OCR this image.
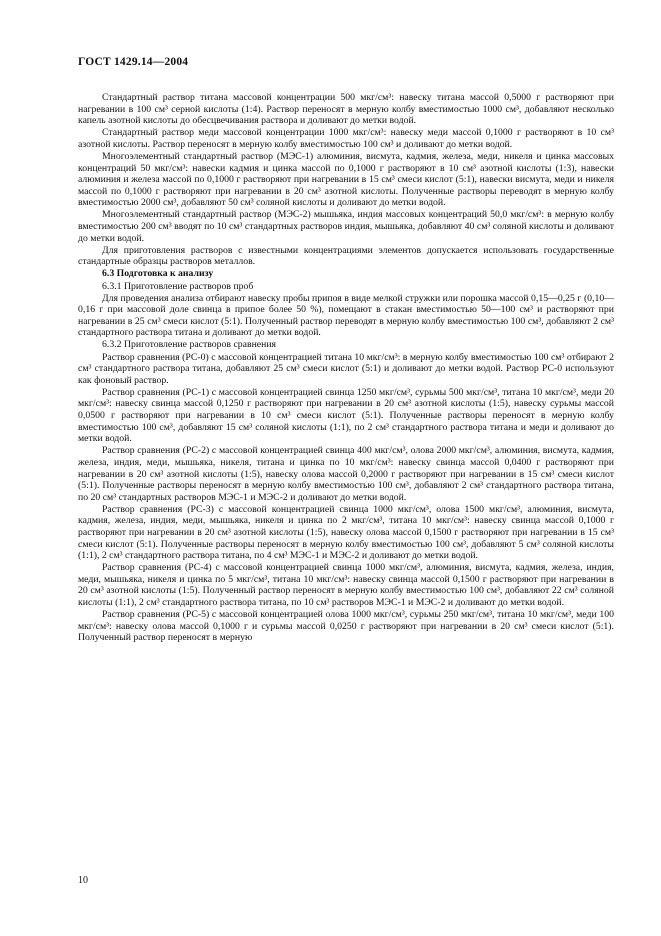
ГОСТ 1429.14—2004

Стандартный раствор титана массовой концентрации 500 мкг/см³: навеску титана массой 0,5000 г растворяют при нагревании в 100 см³ серной кислоты (1:4). Раствор переносят в мерную колбу вместимостью 1000 см³, добавляют несколько капель азотной кислоты до обесцвечивания раствора и доливают до метки водой.

Стандартный раствор меди массовой концентрации 1000 мкг/см³: навеску меди массой 0,1000 г растворяют в 10 см³ азотной кислоты. Раствор переносят в мерную колбу вместимостью 100 см³ и доливают до метки водой.

Многоэлементный стандартный раствор (МЭС-1) алюминия, висмута, кадмия, железа, меди, никеля и цинка массовых концентраций 50 мкг/см³: навески кадмия и цинка массой по 0,1000 г растворяют в 10 см³ азотной кислоты (1:3), навески алюминия и железа массой по 0,1000 г растворяют при нагревании в 15 см³ смеси кислот (5:1), навески висмута, меди и никеля массой по 0,1000 г растворяют при нагревании в 20 см³ азотной кислоты. Полученные растворы переводят в мерную колбу вместимостью 2000 см³, добавляют 50 см³ соляной кислоты и доливают до метки водой.

Многоэлементный стандартный раствор (МЭС-2) мышьяка, индия массовых концентраций 50,0 мкг/см³: в мерную колбу вместимостью 200 см³ вводят по 10 см³ стандартных растворов индия, мышьяка, добавляют 40 см³ соляной кислоты и доливают до метки водой.

Для приготовления растворов с известными концентрациями элементов допускается использовать государственные стандартные образцы растворов металлов.

6.3 Подготовка к анализу

6.3.1 Приготовление растворов проб

Для проведения анализа отбирают навеску пробы припоя в виде мелкой стружки или порошка массой 0,15—0,25 г (0,10—0,16 г при массовой доле свинца в припое более 50 %), помещают в стакан вместимостью 50—100 см³ и растворяют при нагревании в 25 см³ смеси кислот (5:1). Полученный раствор переводят в мерную колбу вместимостью 100 см³, добавляют 2 см³ стандартного раствора титана и доливают до метки водой.

6.3.2 Приготовление растворов сравнения

Раствор сравнения (РС-0) с массовой концентрацией титана 10 мкг/см³: в мерную колбу вместимостью 100 см³ отбирают 2 см³ стандартного раствора титана, добавляют 25 см³ смеси кислот (5:1) и доливают до метки водой. Раствор РС-0 используют как фоновый раствор.

Раствор сравнения (РС-1) с массовой концентрацией свинца 1250 мкг/см³, сурьмы 500 мкг/см³, титана 10 мкг/см³, меди 20 мкг/см³: навеску свинца массой 0,1250 г растворяют при нагревании в 20 см³ азотной кислоты (1:5), навеску сурьмы массой 0,0500 г растворяют при нагревании в 10 см³ смеси кислот (5:1). Полученные растворы переносят в мерную колбу вместимостью 100 см³, добавляют 15 см³ соляной кислоты (1:1), по 2 см³ стандартного раствора титана и меди и доливают до метки водой.

Раствор сравнения (РС-2) с массовой концентрацией свинца 400 мкг/см³, олова 2000 мкг/см³, алюминия, висмута, кадмия, железа, индия, меди, мышьяка, никеля, титана и цинка по 10 мкг/см³: навеску свинца массой 0,0400 г растворяют при нагревании в 20 см³ азотной кислоты (1:5), навеску олова массой 0,2000 г растворяют при нагревании в 15 см³ смеси кислот (5:1). Полученные растворы переносят в мерную колбу вместимостью 100 см³, добавляют 2 см³ стандартного раствора титана, по 20 см³ стандартных растворов МЭС-1 и МЭС-2 и доливают до метки водой.

Раствор сравнения (РС-3) с массовой концентрацией свинца 1000 мкг/см³, олова 1500 мкг/см³, алюминия, висмута, кадмия, железа, индия, меди, мышьяка, никеля и цинка по 2 мкг/см³, титана 10 мкг/см³: навеску свинца массой 0,1000 г растворяют при нагревании в 20 см³ азотной кислоты (1:5), навеску олова массой 0,1500 г растворяют при нагревании в 15 см³ смеси кислот (5:1). Полученные растворы переносят в мерную колбу вместимостью 100 см³, добавляют 5 см³ соляной кислоты (1:1), 2 см³ стандартного раствора титана, по 4 см³ МЭС-1 и МЭС-2 и доливают до метки водой.

Раствор сравнения (РС-4) с массовой концентрацией свинца 1000 мкг/см³, алюминия, висмута, кадмия, железа, индия, меди, мышьяка, никеля и цинка по 5 мкг/см³, титана 10 мкг/см³: навеску свинца массой 0,1500 г растворяют при нагревании в 20 см³ азотной кислоты (1:5). Полученный раствор переносят в мерную колбу вместимостью 100 см³, добавляют 22 см³ соляной кислоты (1:1), 2 см³ стандартного раствора титана, по 10 см³ растворов МЭС-1 и МЭС-2 и доливают до метки водой.

Раствор сравнения (РС-5) с массовой концентрацией олова 1000 мкг/см³, сурьмы 250 мкг/см³, титана 10 мкг/см³, меди 100 мкг/см³: навеску олова массой 0,1000 г и сурьмы массой 0,0250 г растворяют при нагревании в 20 см³ смеси кислот (5:1). Полученный раствор переносят в мерную

10
